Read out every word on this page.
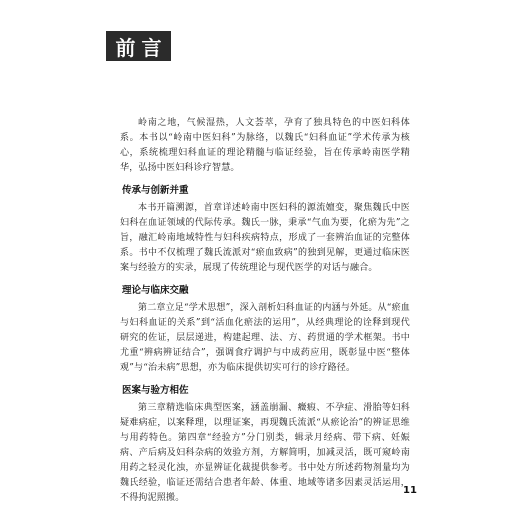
前言

岭南之地，气候湿热，人文荟萃，孕育了独具特色的中医妇科体系。本书以“岭南中医妇科”为脉络，以魏氏“妇科血证”学术传承为核心，系统梳理妇科血证的理论精髓与临证经验，旨在传承岭南医学精华，弘扬中医妇科诊疗智慧。

传承与创新并重

本书开篇溯源，首章详述岭南中医妇科的源流嬗变，聚焦魏氏中医妇科在血证领域的代际传承。魏氏一脉，秉承“气血为要，化瘀为先”之旨，融汇岭南地域特性与妇科疾病特点，形成了一套辨治血证的完整体系。书中不仅梳理了魏氏流派对“瘀血致病”的独到见解，更通过临床医案与经验方的实录，展现了传统理论与现代医学的对话与融合。

理论与临床交融

第二章立足“学术思想”，深入剖析妇科血证的内涵与外延。从“瘀血与妇科血证的关系”到“活血化瘀法的运用”，从经典理论的诠释到现代研究的佐证，层层递进，构建起理、法、方、药贯通的学术框架。书中尤重“辨病辨证结合”，强调食疗调护与中成药应用，既彰显中医“整体观”与“治未病”思想，亦为临床提供切实可行的诊疗路径。

医案与验方相佐

第三章精选临床典型医案，涵盖崩漏、癥瘕、不孕症、滑胎等妇科疑难病症，以案释理，以理证案，再现魏氏流派“从瘀论治”的辨证思维与用药特色。第四章“经验方”分门别类，辑录月经病、带下病、妊娠病、产后病及妇科杂病的效验方剂，方解简明，加减灵活，既可窥岭南用药之轻灵化浊，亦显辨证化裁提供参考。书中处方所述药物剂量均为魏氏经验，临证还需结合患者年龄、体重、地域等诸多因素灵活运用，不得拘泥照搬。

11
